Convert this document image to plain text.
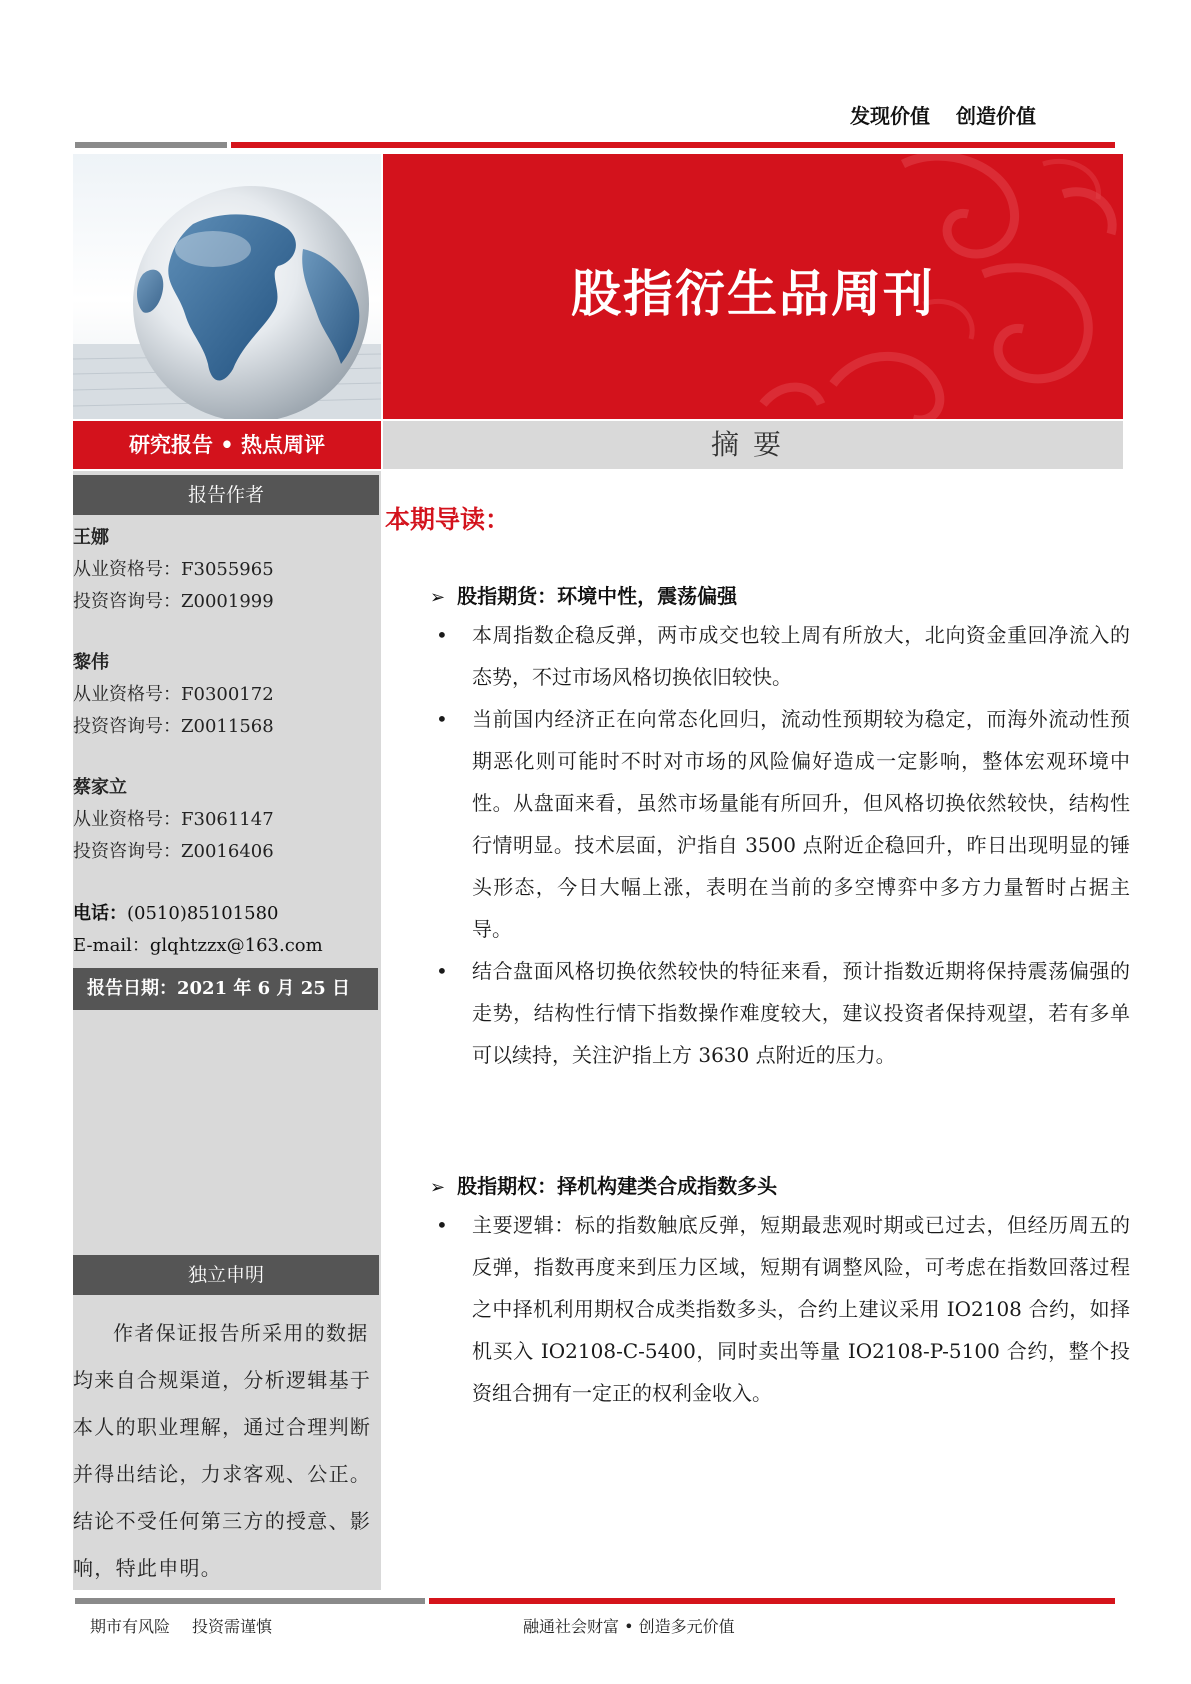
发现价值 创造价值
股指衍生品周刊
研究报告 • 热点周评	摘要
报告作者
王娜
从业资格号：F3055965
投资咨询号：Z0001999
黎伟
从业资格号：F0300172
投资咨询号：Z0011568
蔡家立
从业资格号：F3061147
投资咨询号：Z0016406
电话：(0510)85101580
E-mail：glqhtzzx@163.com
报告日期：2021 年 6 月 25 日
独立申明

作者保证报告所采用的数据均来自合规渠道，分析逻辑基于本人的职业理解，通过合理判断并得出结论，力求客观、公正。结论不受任何第三方的授意、影响，特此申明。

本期导读：
➢ 股指期货：环境中性，震荡偏强
• 本周指数企稳反弹，两市成交也较上周有所放大，北向资金重回净流入的态势，不过市场风格切换依旧较快。
• 当前国内经济正在向常态化回归，流动性预期较为稳定，而海外流动性预期恶化则可能时不时对市场的风险偏好造成一定影响，整体宏观环境中性。从盘面来看，虽然市场量能有所回升，但风格切换依然较快，结构性行情明显。技术层面，沪指自 3500 点附近企稳回升，昨日出现明显的锤头形态，今日大幅上涨，表明在当前的多空博弈中多方力量暂时占据主导。
• 结合盘面风格切换依然较快的特征来看，预计指数近期将保持震荡偏强的走势，结构性行情下指数操作难度较大，建议投资者保持观望，若有多单可以续持，关注沪指上方 3630 点附近的压力。
➢ 股指期权：择机构建类合成指数多头
• 主要逻辑：标的指数触底反弹，短期最悲观时期或已过去，但经历周五的反弹，指数再度来到压力区域，短期有调整风险，可考虑在指数回落过程之中择机利用期权合成类指数多头，合约上建议采用 IO2108 合约，如择机买入 IO2108-C-5400，同时卖出等量 IO2108-P-5100 合约，整个投资组合拥有一定正的权利金收入。
期市有风险 投资需谨慎	融通社会财富 • 创造多元价值
